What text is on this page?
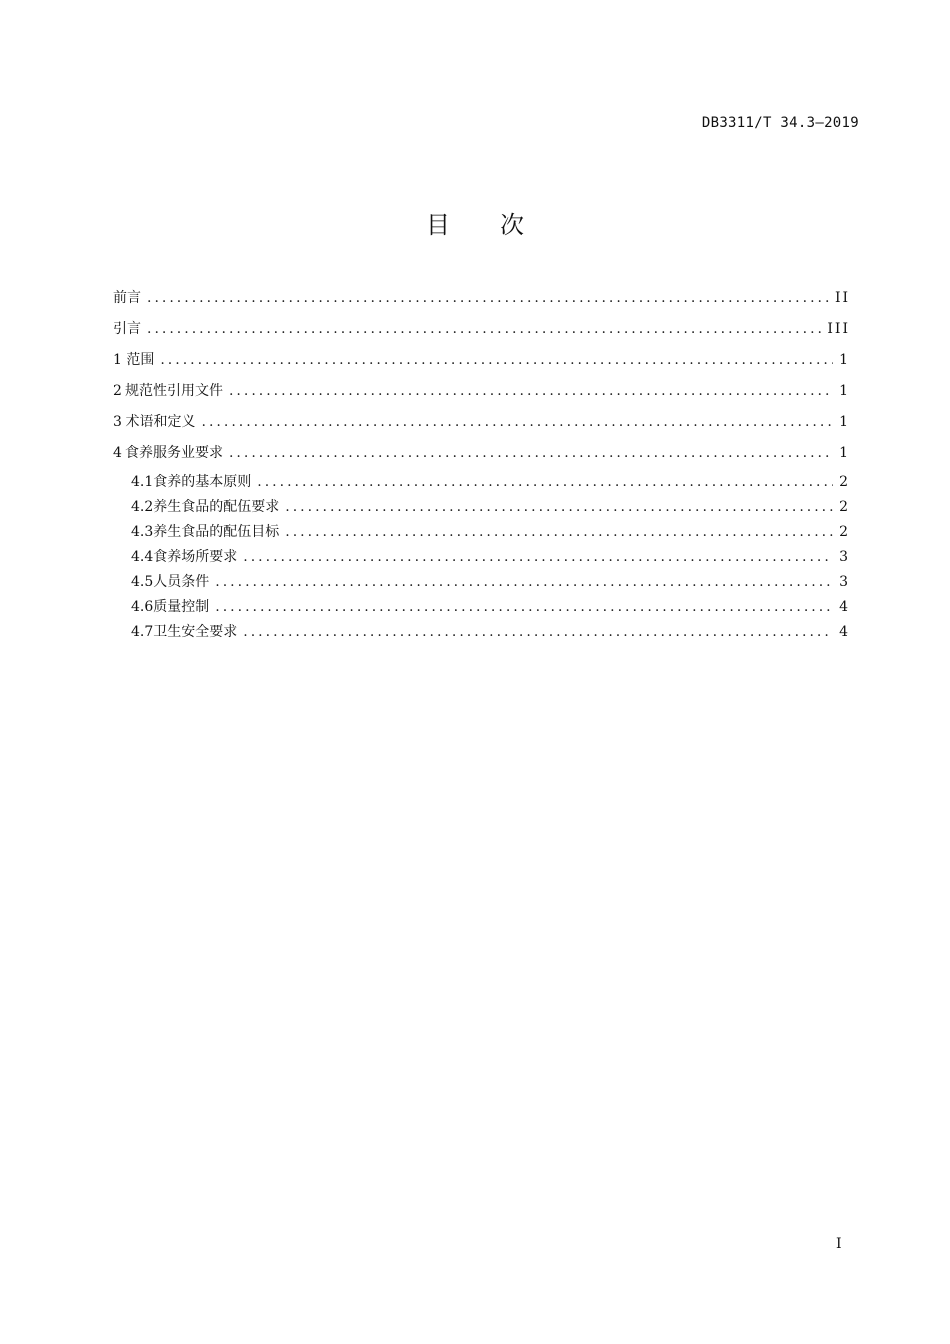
DB3311/T 34.3—2019
目次
前言 .....	II
引言 .....	III
1 范围 .....	1
2 规范性引用文件 .....	1
3 术语和定义 .....	1
4 食养服务业要求 .....	1
4.1 食养的基本原则 .....	2
4.2 养生食品的配伍要求 .....	2
4.3 养生食品的配伍目标 .....	2
4.4 食养场所要求 .....	3
4.5 人员条件 .....	3
4.6 质量控制 .....	4
4.7 卫生安全要求 .....	4
I
